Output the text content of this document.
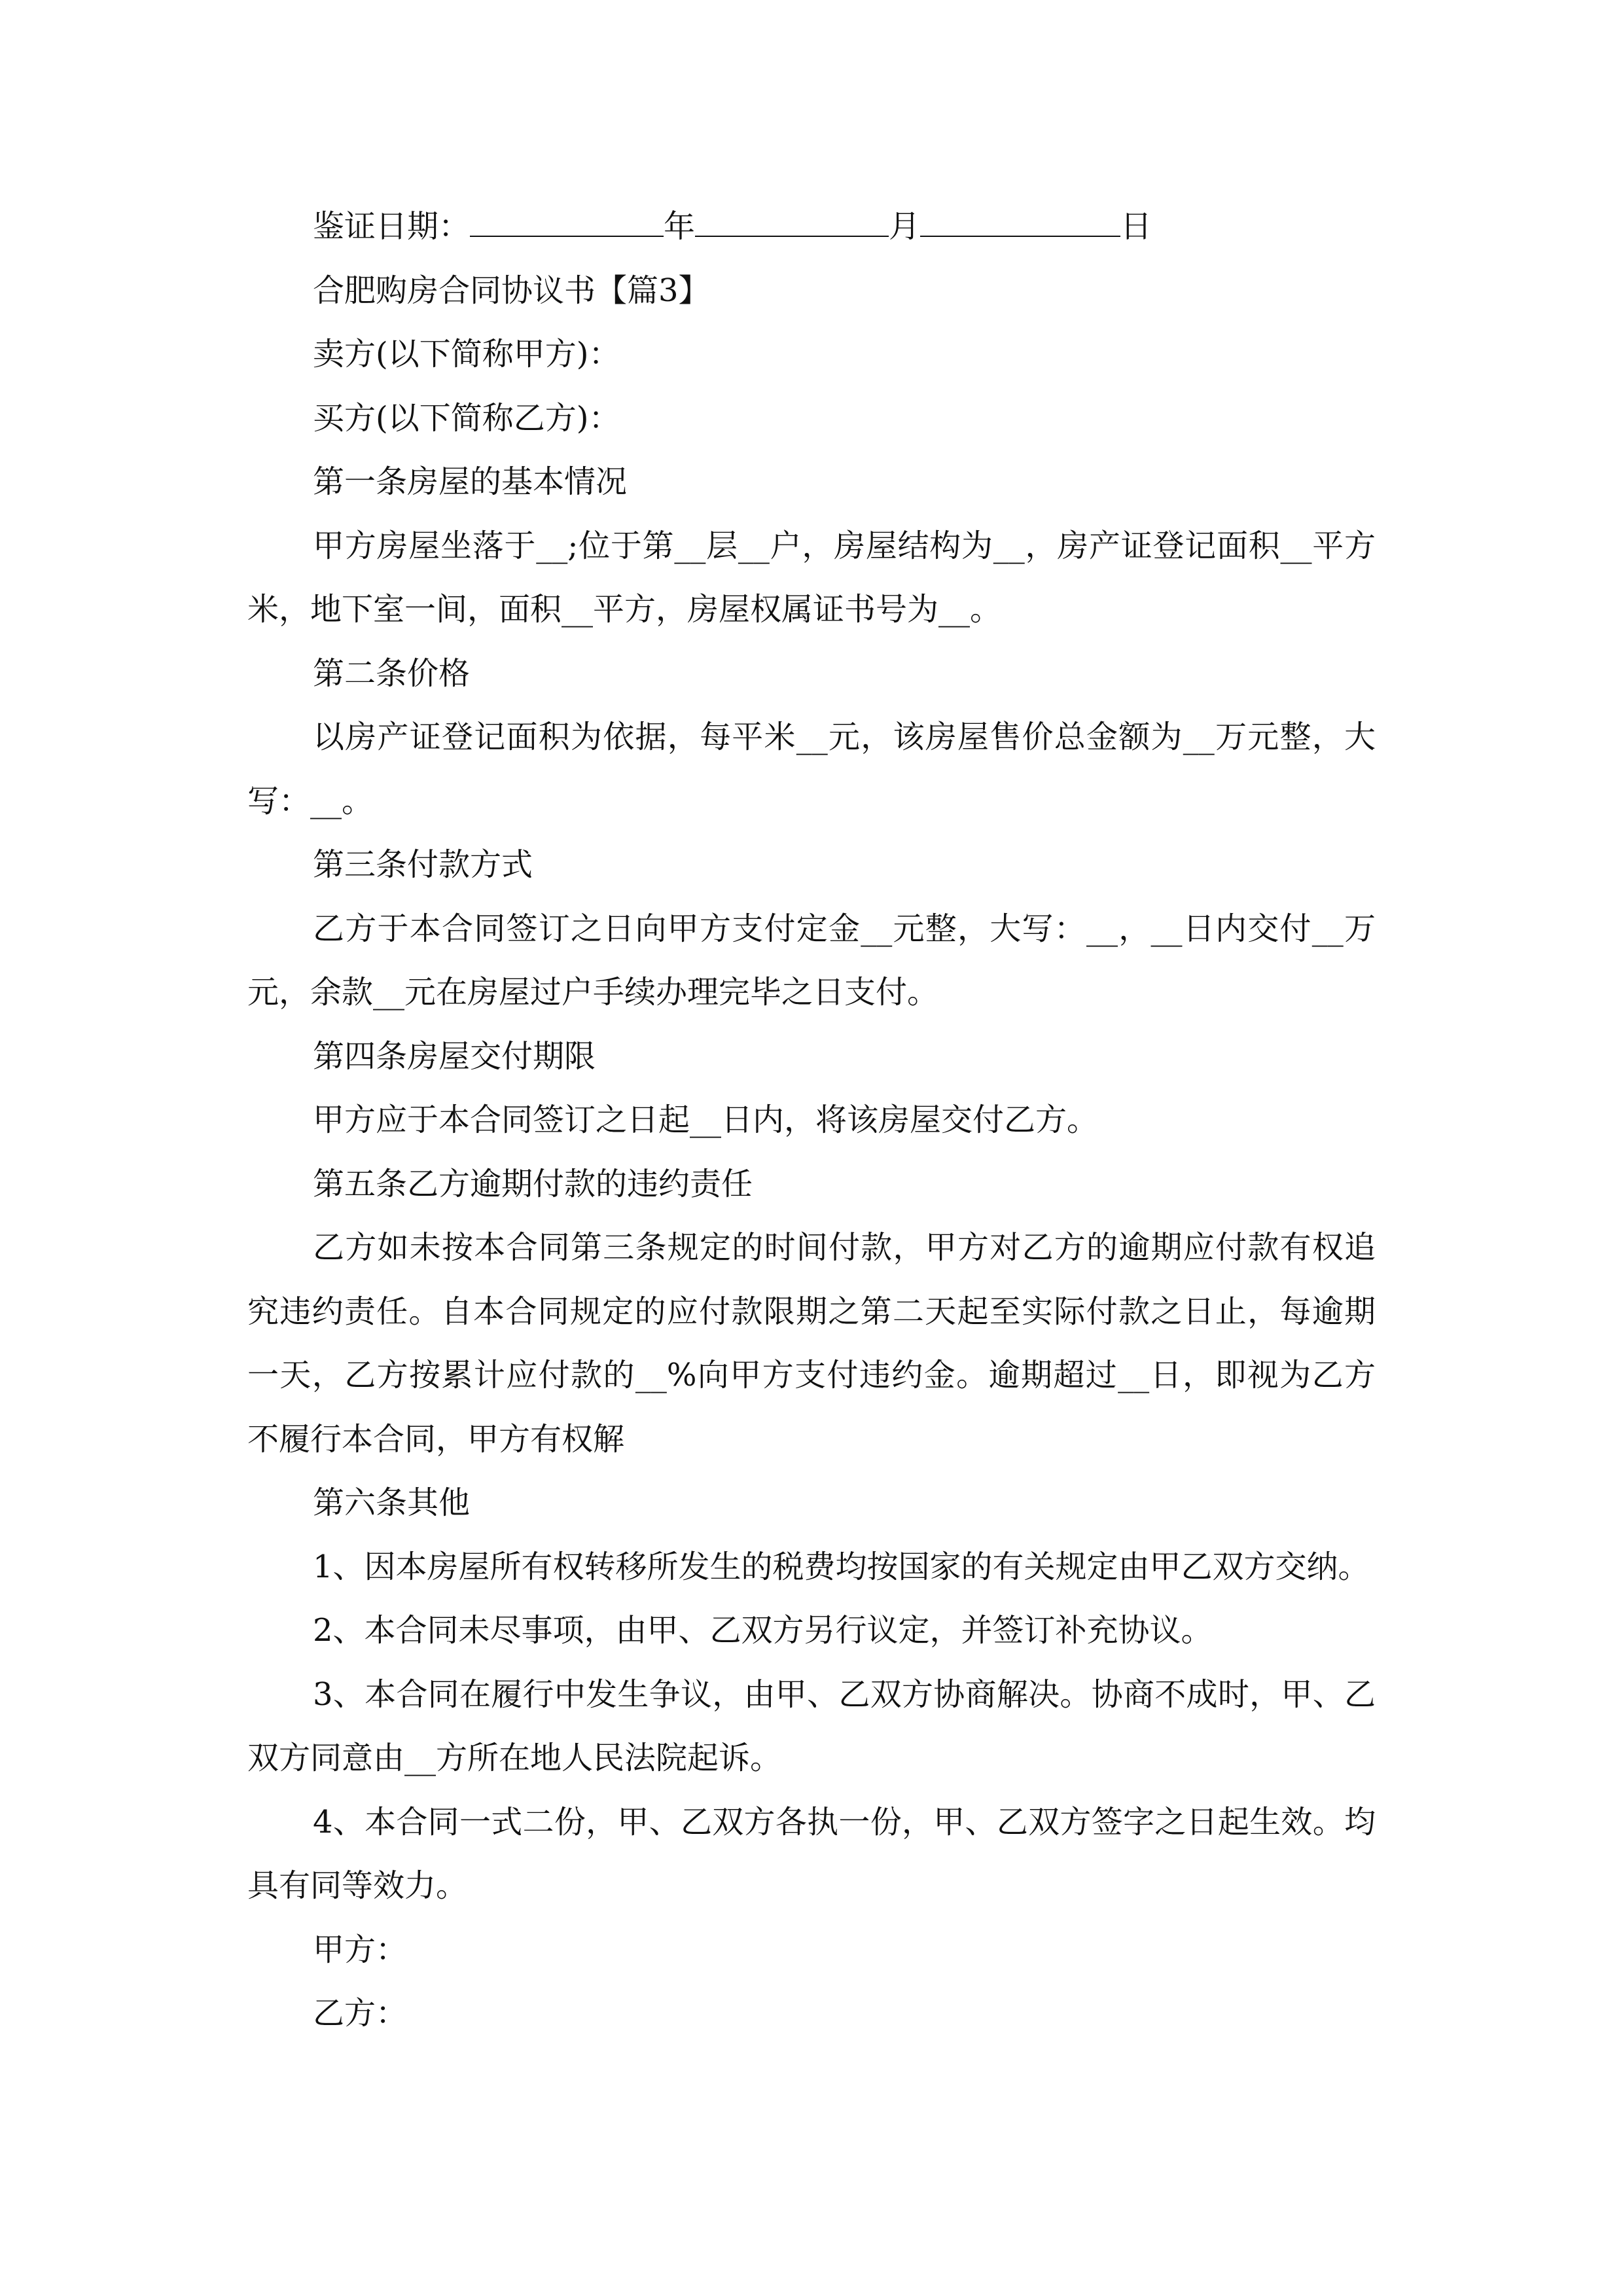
鉴证日期：	年	月	日
合肥购房合同协议书【篇3】
卖方(以下简称甲方)：
买方(以下简称乙方)：
第一条房屋的基本情况

甲方房屋坐落于__;位于第__层__户，房屋结构为__，房产证登记面积__平方米，地下室一间，面积__平方，房屋权属证书号为__。

第二条价格

以房产证登记面积为依据，每平米__元，该房屋售价总金额为__万元整，大写：__。

第三条付款方式

乙方于本合同签订之日向甲方支付定金__元整，大写：__，__日内交付__万元，余款__元在房屋过户手续办理完毕之日支付。

第四条房屋交付期限

甲方应于本合同签订之日起__日内，将该房屋交付乙方。

第五条乙方逾期付款的违约责任

乙方如未按本合同第三条规定的时间付款，甲方对乙方的逾期应付款有权追究违约责任。自本合同规定的应付款限期之第二天起至实际付款之日止，每逾期一天，乙方按累计应付款的__%向甲方支付违约金。逾期超过__日，即视为乙方不履行本合同，甲方有权解

第六条其他

1、因本房屋所有权转移所发生的税费均按国家的有关规定由甲乙双方交纳。

2、本合同未尽事项，由甲、乙双方另行议定，并签订补充协议。

3、本合同在履行中发生争议，由甲、乙双方协商解决。协商不成时，甲、乙双方同意由__方所在地人民法院起诉。

4、本合同一式二份，甲、乙双方各执一份，甲、乙双方签字之日起生效。均具有同等效力。

甲方：
乙方：
